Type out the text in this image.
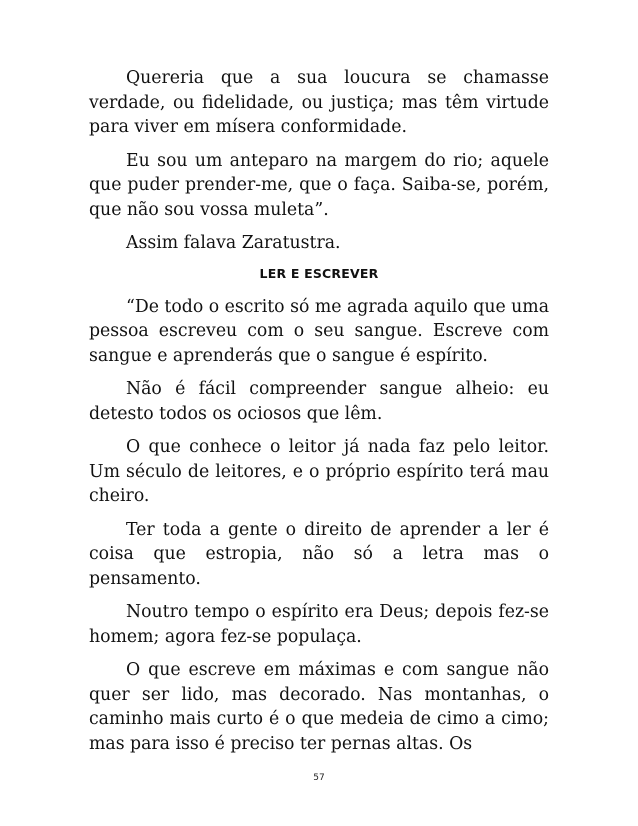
Quereria que a sua loucura se chamasse verdade, ou fidelidade, ou justiça; mas têm virtude para viver em mísera conformidade.

Eu sou um anteparo na margem do rio; aquele que puder prender-me, que o faça. Saiba-se, porém, que não sou vossa muleta”.

Assim falava Zaratustra.

LER E ESCREVER

“De todo o escrito só me agrada aquilo que uma pessoa escreveu com o seu sangue. Escreve com sangue e aprenderás que o sangue é espírito.

Não é fácil compreender sangue alheio: eu detesto todos os ociosos que lêm.

O que conhece o leitor já nada faz pelo leitor. Um século de leitores, e o próprio espírito terá mau cheiro.

Ter toda a gente o direito de aprender a ler é coisa que estropia, não só a letra mas o pensamento.

Noutro tempo o espírito era Deus; depois fez-se homem; agora fez-se populaça.

O que escreve em máximas e com sangue não quer ser lido, mas decorado. Nas montanhas, o caminho mais curto é o que medeia de cimo a cimo; mas para isso é preciso ter pernas altas. Os

57
